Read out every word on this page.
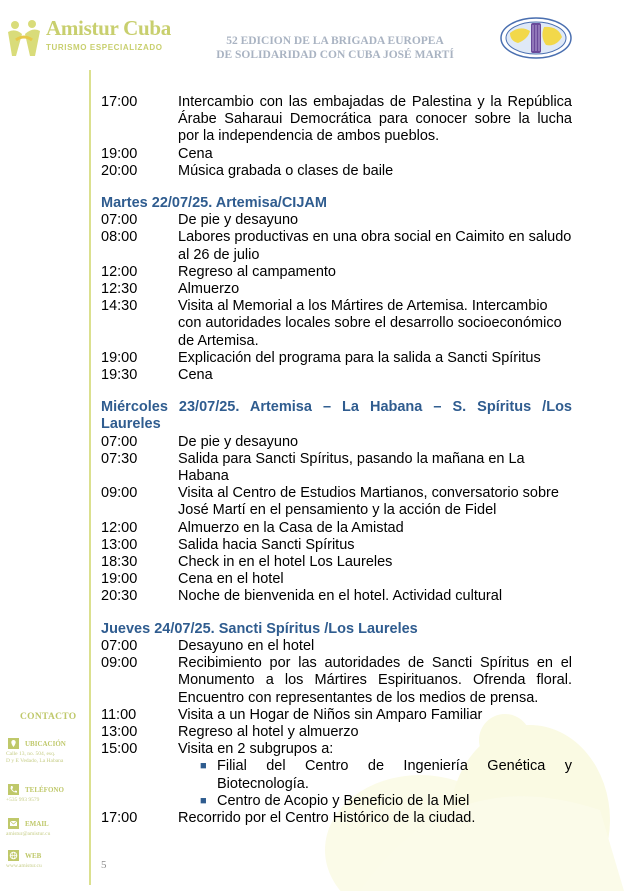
Amistur Cuba
TURISMO ESPECIALIZADO
52 EDICION DE LA BRIGADA EUROPEA
DE SOLIDARIDAD CON CUBA JOSÉ MARTÍ
17:00	Intercambio con las embajadas de Palestina y la República Árabe Saharaui Democrática para conocer sobre la lucha por la independencia de ambos pueblos.
19:00	Cena
20:00	Música grabada o clases de baile

Martes 22/07/25. Artemisa/CIJAM

07:00	De pie y desayuno
08:00	Labores productivas en una obra social en Caimito en saludo al 26 de julio
12:00	Regreso al campamento
12:30	Almuerzo
14:30	Visita al Memorial a los Mártires de Artemisa. Intercambio con autoridades locales sobre el desarrollo socioeconómico de Artemisa.
19:00	Explicación del programa para la salida a Sancti Spíritus
19:30	Cena

Miércoles 23/07/25. Artemisa – La Habana – S. Spíritus /Los Laureles

07:00	De pie y desayuno
07:30	Salida para Sancti Spíritus, pasando la mañana en La Habana
09:00	Visita al Centro de Estudios Martianos, conversatorio sobre José Martí en el pensamiento y la acción de Fidel
12:00	Almuerzo en la Casa de la Amistad
13:00	Salida hacia Sancti Spíritus
18:30	Check in en el hotel Los Laureles
19:00	Cena en el hotel
20:30	Noche de bienvenida en el hotel. Actividad cultural

Jueves 24/07/25. Sancti Spíritus /Los Laureles

07:00	Desayuno en el hotel
09:00	Recibimiento por las autoridades de Sancti Spíritus en el Monumento a los Mártires Espirituanos. Ofrenda floral. Encuentro con representantes de los medios de prensa.
11:00	Visita a un Hogar de Niños sin Amparo Familiar
13:00	Regreso al hotel y almuerzo
15:00	Visita en 2 subgrupos a:
■ Filial del Centro de Ingeniería Genética y Biotecnología.
■ Centro de Acopio y Beneficio de la Miel
17:00	Recorrido por el Centro Histórico de la ciudad.
CONTACTO
UBICACIÓN
Calle 13, no. 504, esq.
D y E Vedado, La Habana
TELÉFONO
+535 993 9579
EMAIL
amistur@amistur.cu
WEB
www.amistur.cu	5
